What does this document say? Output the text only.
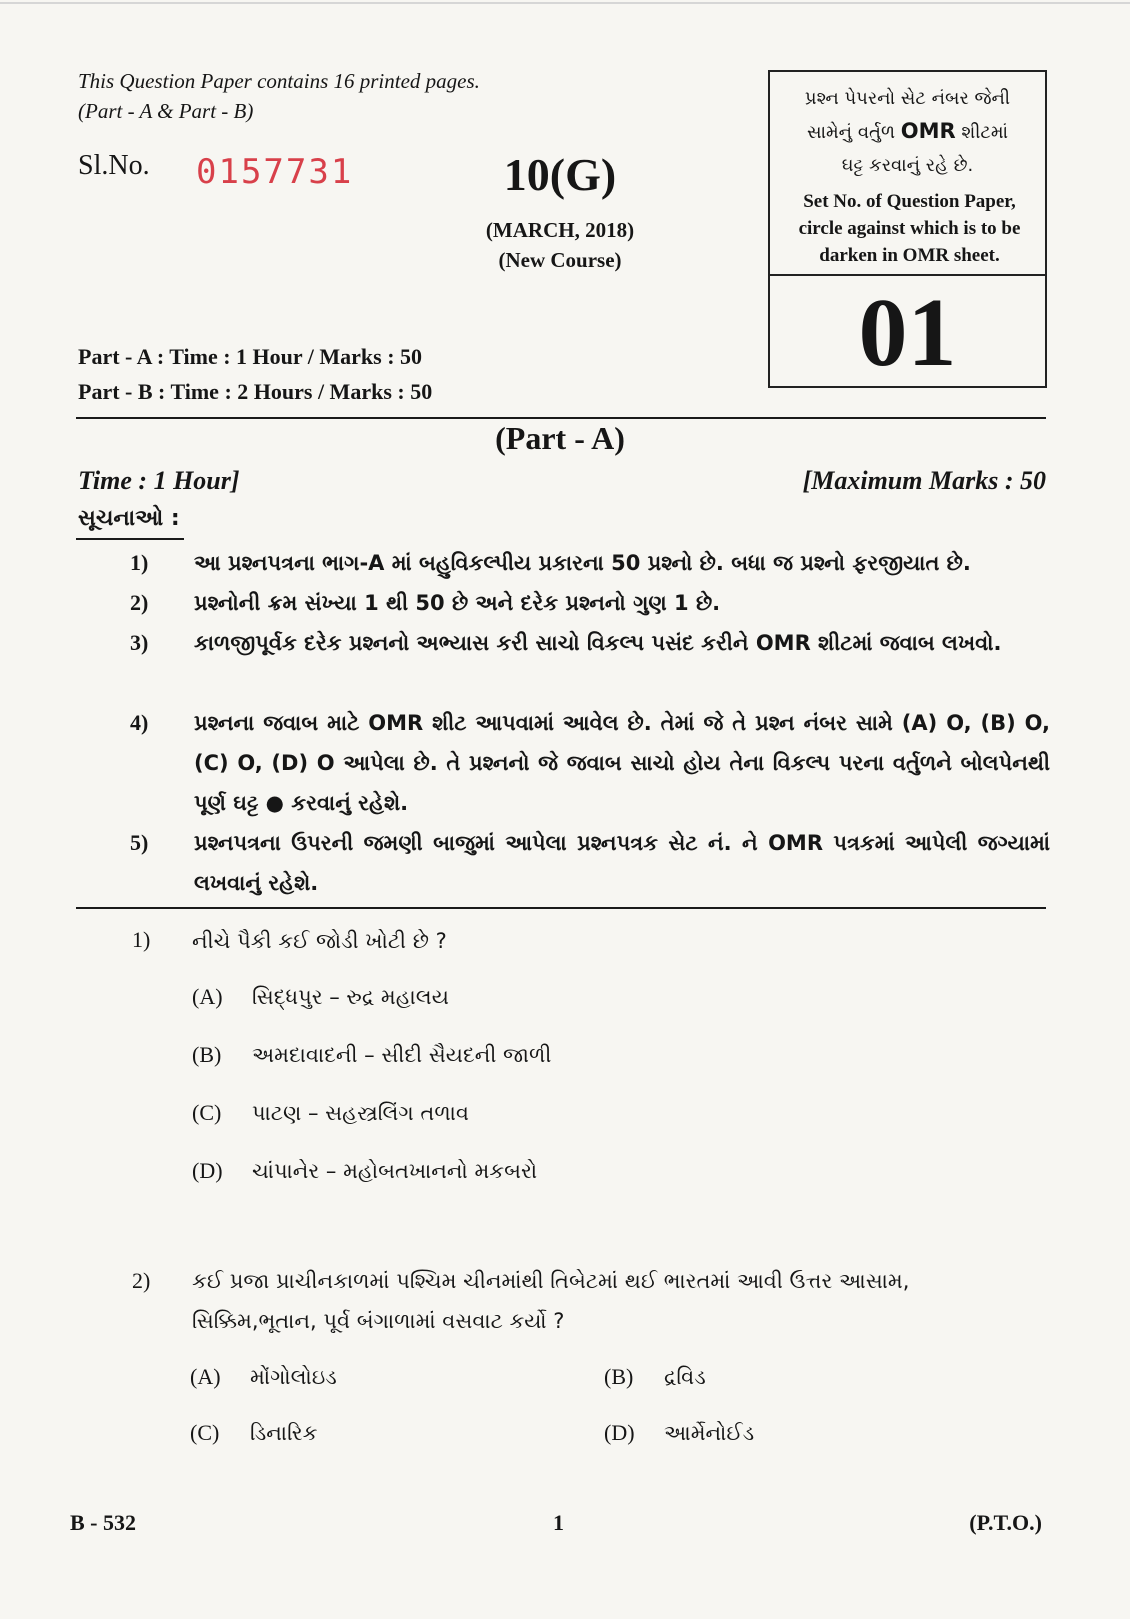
This Question Paper contains 16 printed pages.
(Part - A & Part - B)
Sl.No. 0157731	10(G)
(MARCH, 2018)
(New Course)
પ્રશ્ન પેપરનો સેટ નંબર જેની
સામેનું વર્તુળ OMR શીટમાં
ઘટ્ટ કરવાનું રહે છે.
Set No. of Question Paper,
circle against which is to be
darken in OMR sheet.
01
Part - A : Time : 1 Hour / Marks : 50
Part - B : Time : 2 Hours / Marks : 50
(Part - A)
Time : 1 Hour]	[Maximum Marks : 50
સૂચનાઓ :
1)	આ પ્રશ્નપત્રના ભાગ-A માં બહુવિકલ્પીય પ્રકારના 50 પ્રશ્નો છે. બધા જ પ્રશ્નો ફરજીયાત છે.
2)	પ્રશ્નોની ક્રમ સંખ્યા 1 થી 50 છે અને દરેક પ્રશ્નનો ગુણ 1 છે.
3)	કાળજીપૂર્વક દરેક પ્રશ્નનો અભ્યાસ કરી સાચો વિકલ્પ પસંદ કરીને OMR શીટમાં જવાબ લખવો.
4)	પ્રશ્નના જવાબ માટે OMR શીટ આપવામાં આવેલ છે. તેમાં જે તે પ્રશ્ન નંબર સામે (A) O, (B) O, (C) O, (D) O આપેલા છે. તે પ્રશ્નનો જે જવાબ સાચો હોય તેના વિકલ્પ પરના વર્તુળને બોલપેનથી પૂર્ણ ઘટ્ટ ● કરવાનું રહેશે.
5)	પ્રશ્નપત્રના ઉપરની જમણી બાજુમાં આપેલા પ્રશ્નપત્રક સેટ નં. ને OMR પત્રકમાં આપેલી જગ્યામાં લખવાનું રહેશે.
1) નીચે પૈકી કઈ જોડી ખોટી છે ?
(A) સિદ્ધપુર – રુદ્ર મહાલય
(B) અમદાવાદની – સીદી સૈયદની જાળી
(C) પાટણ – સહસ્ત્રલિંગ તળાવ
(D) ચાંપાનેર – મહોબતખાનનો મકબરો
2) કઈ પ્રજા પ્રાચીનકાળમાં પશ્ચિમ ચીનમાંથી તિબેટમાં થઈ ભારતમાં આવી ઉત્તર આસામ, સિક્કિમ,ભૂતાન, પૂર્વ બંગાળામાં વસવાટ કર્યો ?
(A) મોંગોલોઇડ	(B) દ્રવિડ
(C) ડિનારિક	(D) આર્મેનોઈડ
B - 532	1	(P.T.O.)
